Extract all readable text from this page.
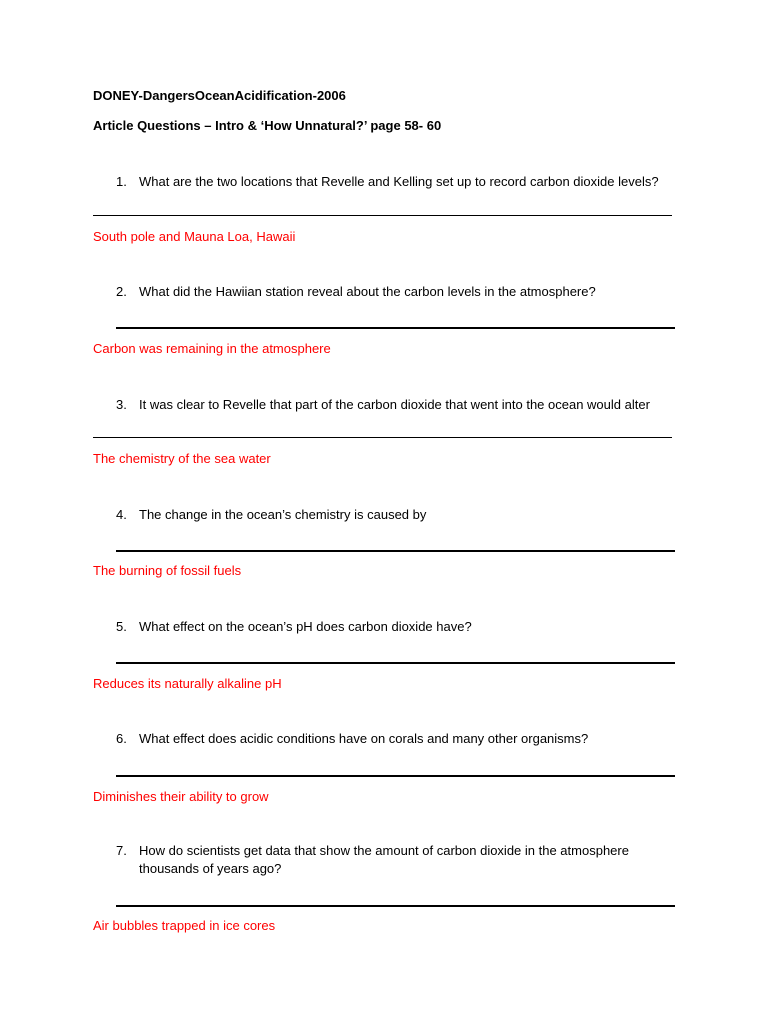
DONEY-DangersOceanAcidification-2006
Article Questions – Intro & ‘How Unnatural?’ page 58- 60
1. What are the two locations that Revelle and Kelling set up to record carbon dioxide levels?
South pole and Mauna Loa, Hawaii
2. What did the Hawiian station reveal about the carbon levels in the atmosphere?
Carbon was remaining in the atmosphere
3. It was clear to Revelle that part of the carbon dioxide that went into the ocean would alter
The chemistry of the sea water
4. The change in the ocean’s chemistry is caused by
The burning of fossil fuels
5. What effect on the ocean’s pH does carbon dioxide have?
Reduces its naturally alkaline pH
6. What effect does acidic conditions have on corals and many other organisms?
Diminishes their ability to grow
7. How do scientists get data that show the amount of carbon dioxide in the atmosphere thousands of years ago?
Air bubbles trapped in ice cores
